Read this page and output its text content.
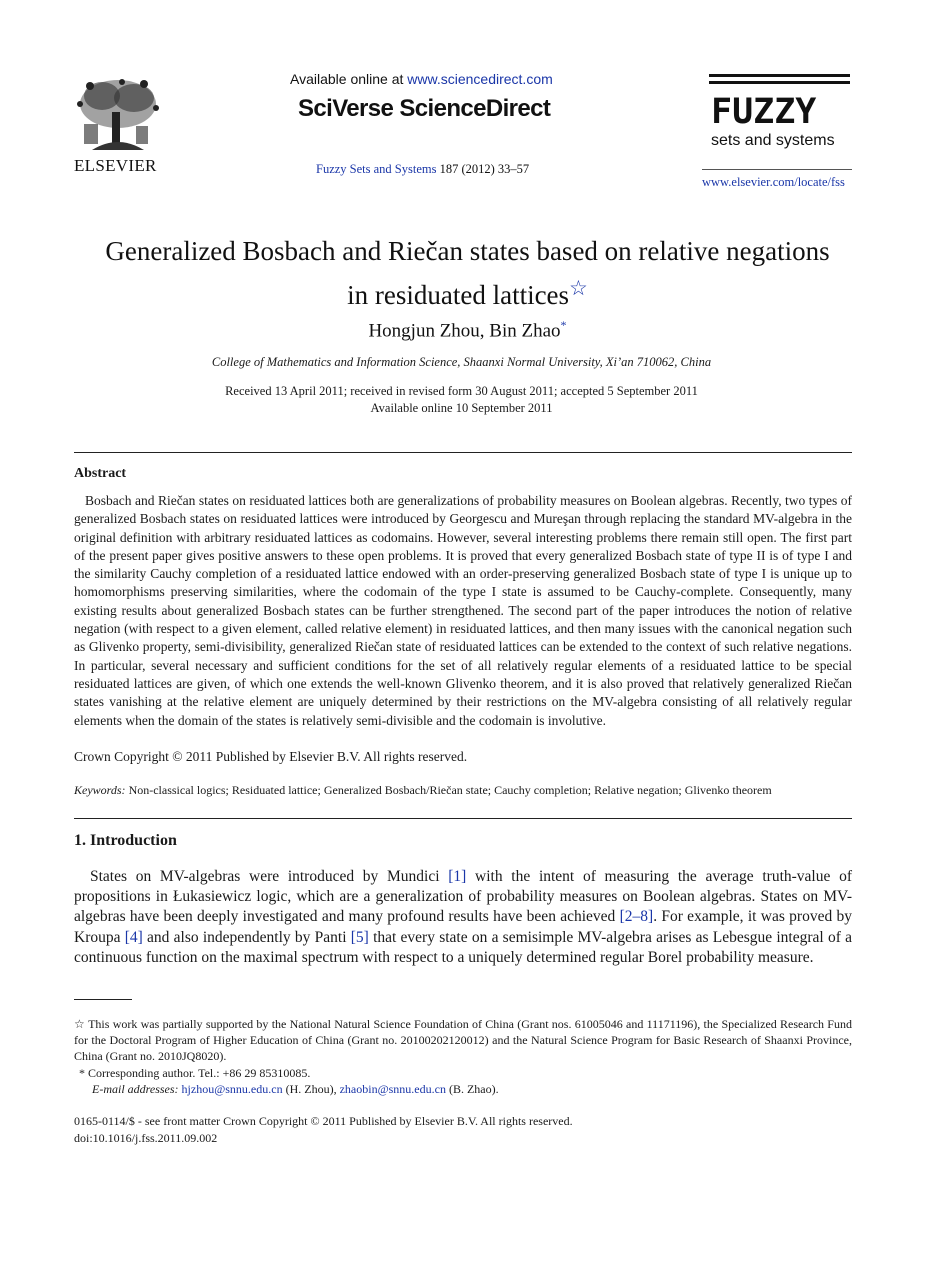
ELSEVIER
Available online at www.sciencedirect.com
SciVerse ScienceDirect
Fuzzy Sets and Systems 187 (2012) 33–57
FUZZY
sets and systems
www.elsevier.com/locate/fss
Generalized Bosbach and Riečan states based on relative negations
in residuated lattices☆
Hongjun Zhou, Bin Zhao*
College of Mathematics and Information Science, Shaanxi Normal University, Xi’an 710062, China
Received 13 April 2011; received in revised form 30 August 2011; accepted 5 September 2011
Available online 10 September 2011
Abstract

Bosbach and Riečan states on residuated lattices both are generalizations of probability measures on Boolean algebras. Recently, two types of generalized Bosbach states on residuated lattices were introduced by Georgescu and Mureşan through replacing the standard MV-algebra in the original definition with arbitrary residuated lattices as codomains. However, several interesting problems there remain still open. The first part of the present paper gives positive answers to these open problems. It is proved that every generalized Bosbach state of type II is of type I and the similarity Cauchy completion of a residuated lattice endowed with an order-preserving generalized Bosbach state of type I is unique up to homomorphisms preserving similarities, where the codomain of the type I state is assumed to be Cauchy-complete. Consequently, many existing results about generalized Bosbach states can be further strengthened. The second part of the paper introduces the notion of relative negation (with respect to a given element, called relative element) in residuated lattices, and then many issues with the canonical negation such as Glivenko property, semi-divisibility, generalized Riečan state of residuated lattices can be extended to the context of such relative negations. In particular, several necessary and sufficient conditions for the set of all relatively regular elements of a residuated lattice to be special residuated lattices are given, of which one extends the well-known Glivenko theorem, and it is also proved that relatively generalized Riečan states vanishing at the relative element are uniquely determined by their restrictions on the MV-algebra consisting of all relatively regular elements when the domain of the states is relatively semi-divisible and the codomain is involutive.

Crown Copyright © 2011 Published by Elsevier B.V. All rights reserved.
Keywords: Non-classical logics; Residuated lattice; Generalized Bosbach/Riečan state; Cauchy completion; Relative negation; Glivenko theorem
1. Introduction

States on MV-algebras were introduced by Mundici [1] with the intent of measuring the average truth-value of propositions in Łukasiewicz logic, which are a generalization of probability measures on Boolean algebras. States on MV-algebras have been deeply investigated and many profound results have been achieved [2–8]. For example, it was proved by Kroupa [4] and also independently by Panti [5] that every state on a semisimple MV-algebra arises as Lebesgue integral of a continuous function on the maximal spectrum with respect to a uniquely determined regular Borel probability measure.

☆ This work was partially supported by the National Natural Science Foundation of China (Grant nos. 61005046 and 11171196), the Specialized Research Fund for the Doctoral Program of Higher Education of China (Grant no. 20100202120012) and the Natural Science Program for Basic Research of Shaanxi Province, China (Grant no. 2010JQ8020).
* Corresponding author. Tel.: +86 29 85310085.
E-mail addresses: hjzhou@snnu.edu.cn (H. Zhou), zhaobin@snnu.edu.cn (B. Zhao).
0165-0114/$ - see front matter Crown Copyright © 2011 Published by Elsevier B.V. All rights reserved.
doi:10.1016/j.fss.2011.09.002
